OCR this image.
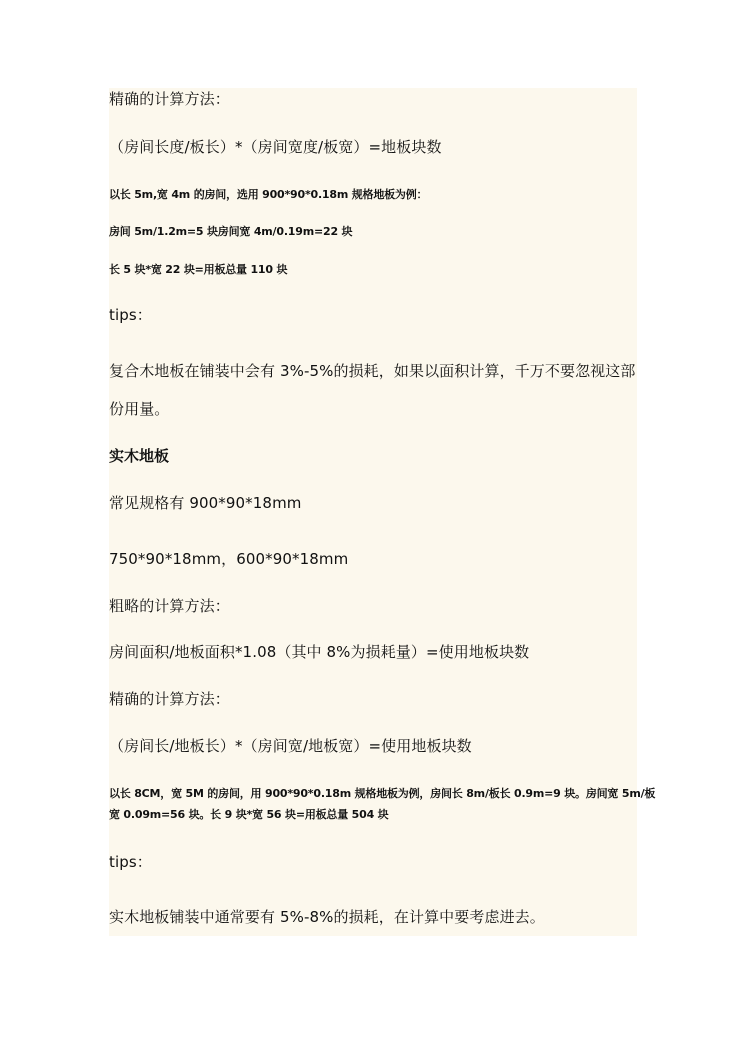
精确的计算方法：

（房间长度/板长）*（房间宽度/板宽）=地板块数

以长 5m,宽 4m 的房间，选用 900*90*0.18m 规格地板为例：

房间 5m/1.2m=5 块房间宽 4m/0.19m=22 块

长 5 块*宽 22 块=用板总量 110 块

tips：

复合木地板在铺装中会有 3%-5%的损耗，如果以面积计算，千万不要忽视这部

份用量。

实木地板

常见规格有 900*90*18mm

750*90*18mm，600*90*18mm

粗略的计算方法：

房间面积/地板面积*1.08（其中 8%为损耗量）=使用地板块数

精确的计算方法：

（房间长/地板长）*（房间宽/地板宽）=使用地板块数

以长 8CM，宽 5M 的房间，用 900*90*0.18m 规格地板为例，房间长 8m/板长 0.9m=9 块。房间宽 5m/板

宽 0.09m=56 块。长 9 块*宽 56 块=用板总量 504 块

tips：

实木地板铺装中通常要有 5%-8%的损耗，在计算中要考虑进去。
